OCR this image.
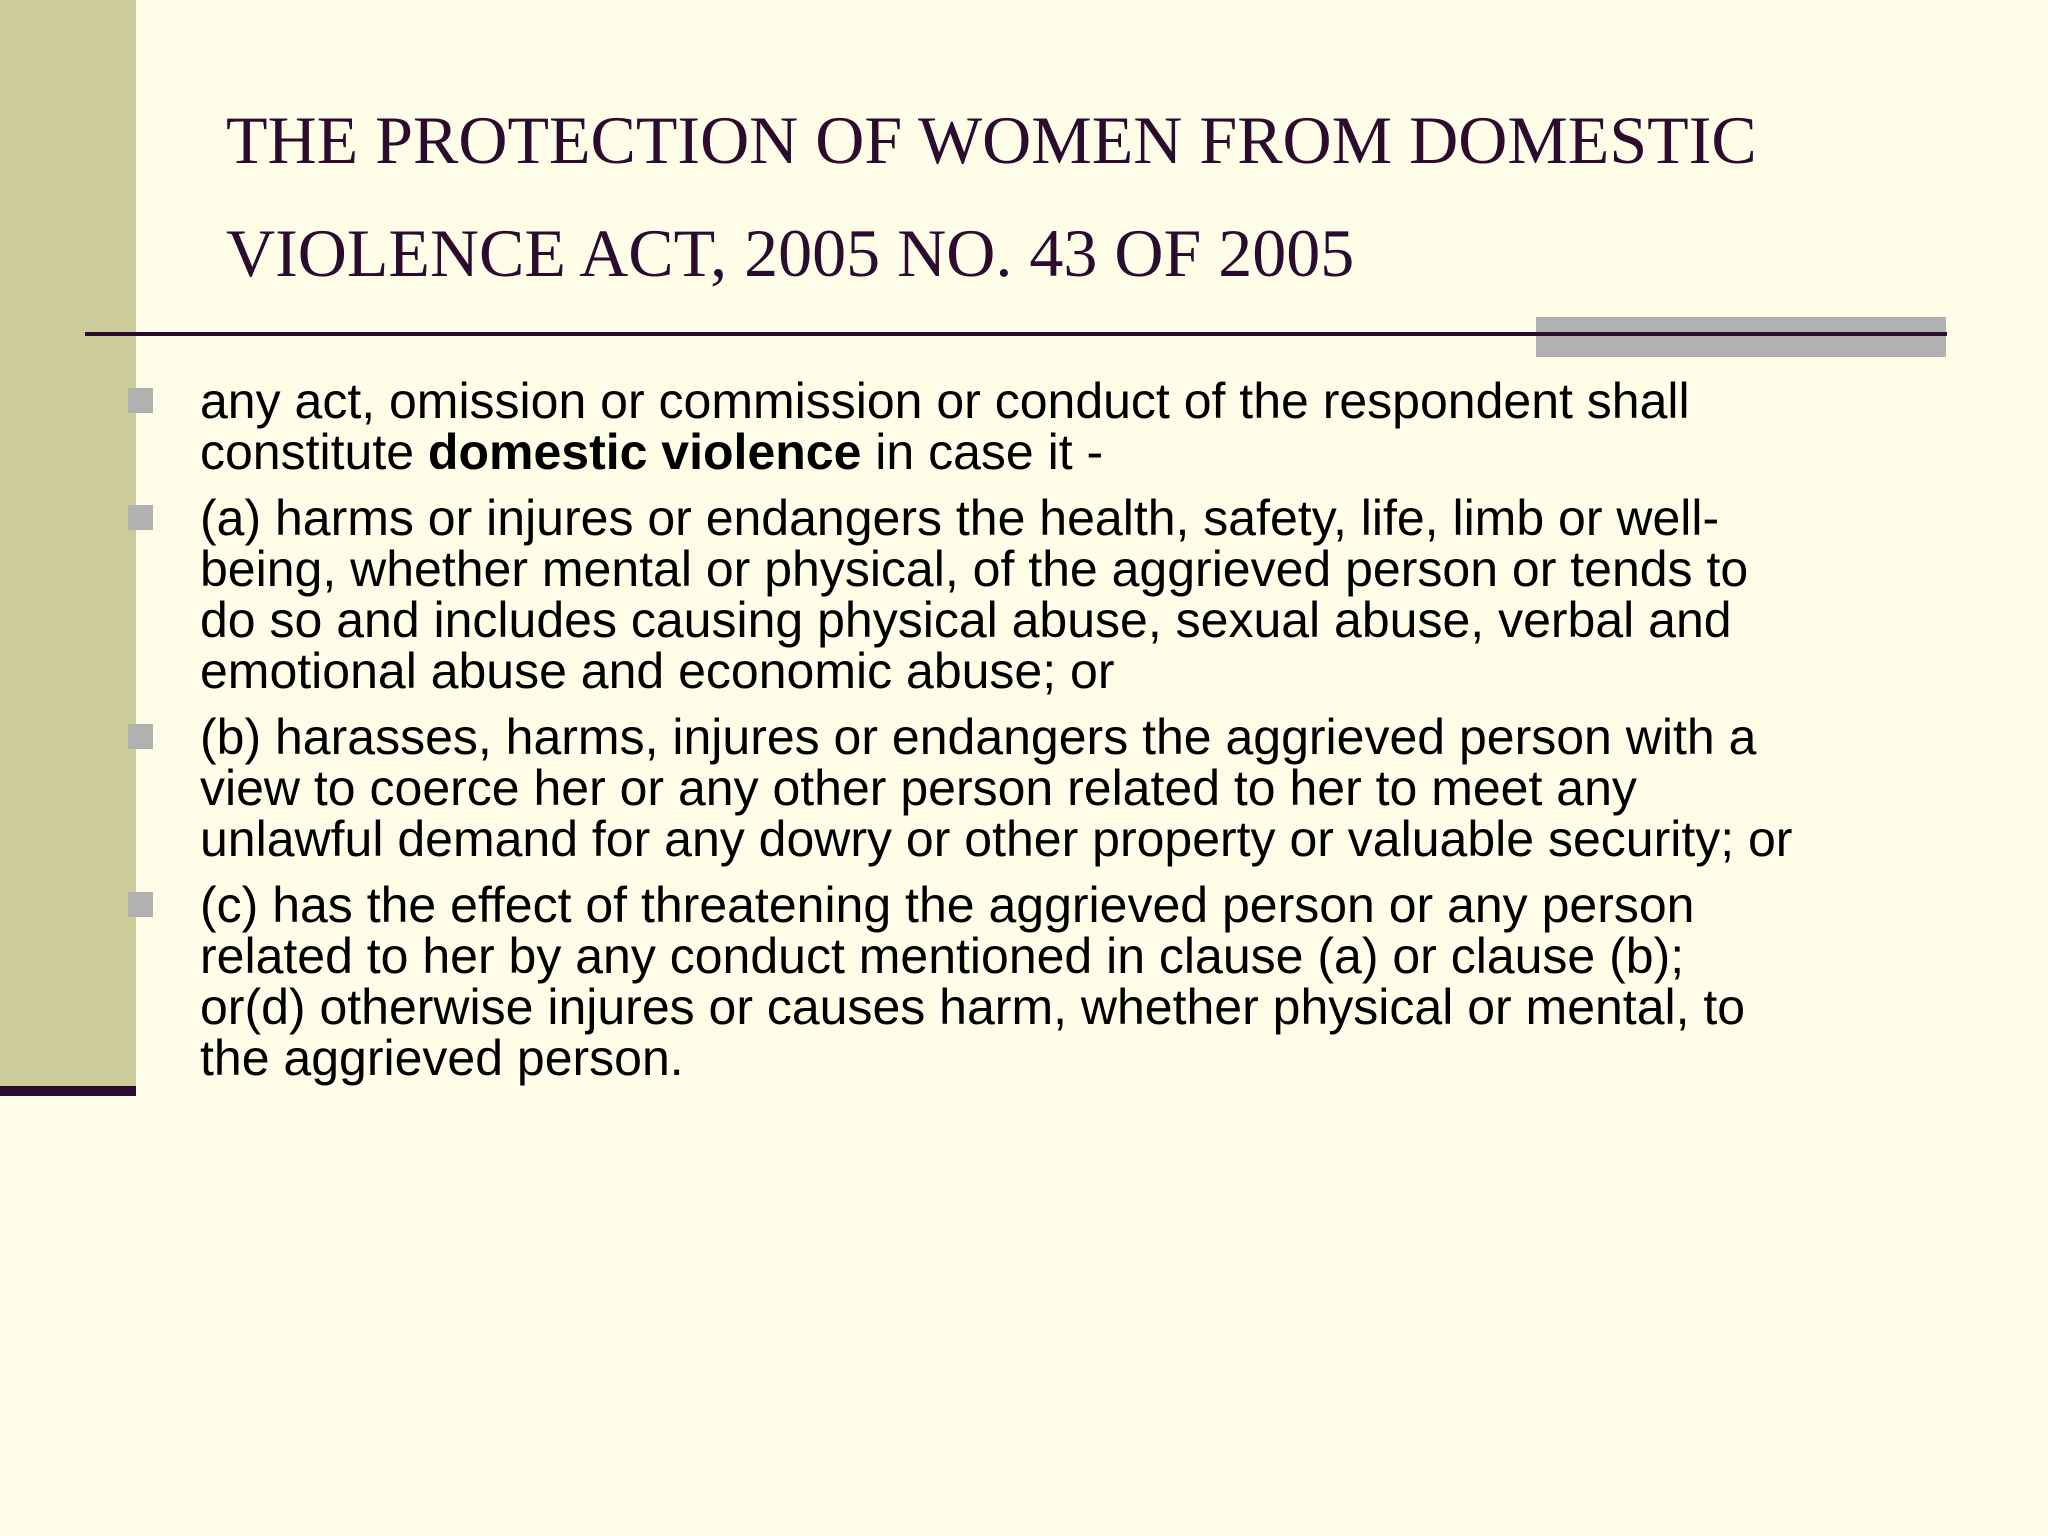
THE PROTECTION OF WOMEN FROM DOMESTIC
VIOLENCE ACT, 2005 NO. 43 OF 2005
any act, omission or commission or conduct of the respondent shall
constitute domestic violence in case it -
(a) harms or injures or endangers the health, safety, life, limb or well-
being, whether mental or physical, of the aggrieved person or tends to
do so and includes causing physical abuse, sexual abuse, verbal and
emotional abuse and economic abuse; or
(b) harasses, harms, injures or endangers the aggrieved person with a
view to coerce her or any other person related to her to meet any
unlawful demand for any dowry or other property or valuable security; or
(c) has the effect of threatening the aggrieved person or any person
related to her by any conduct mentioned in clause (a) or clause (b);
or(d) otherwise injures or causes harm, whether physical or mental, to
the aggrieved person.
